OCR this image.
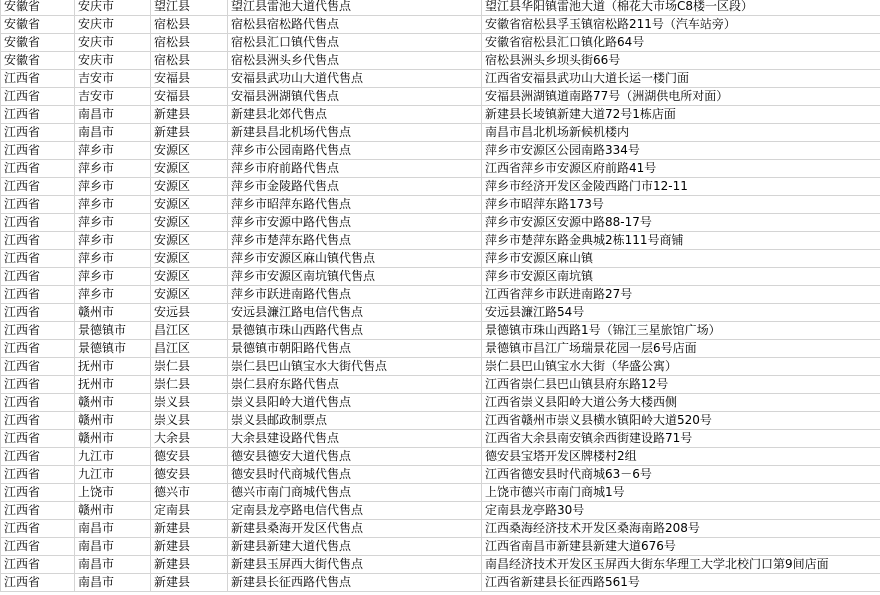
安徽省	安庆市	望江县	望江县雷池大道代售点	望江县华阳镇雷池大道（棉花大市场C8楼一区段）
安徽省	安庆市	宿松县	宿松县宿松路代售点	安徽省宿松县孚玉镇宿松路211号（汽车站旁）
安徽省	安庆市	宿松县	宿松县汇口镇代售点	安徽省宿松县汇口镇化路64号
安徽省	安庆市	宿松县	宿松县洲头乡代售点	宿松县洲头乡坝头街66号
江西省	吉安市	安福县	安福县武功山大道代售点	江西省安福县武功山大道长运一楼门面
江西省	吉安市	安福县	安福县洲湖镇代售点	安福县洲湖镇道南路77号（洲湖供电所对面）
江西省	南昌市	新建县	新建县北郊代售点	新建县长堎镇新建大道72号1栋店面
江西省	南昌市	新建县	新建县昌北机场代售点	南昌市昌北机场新候机楼内
江西省	萍乡市	安源区	萍乡市公园南路代售点	萍乡市安源区公园南路334号
江西省	萍乡市	安源区	萍乡市府前路代售点	江西省萍乡市安源区府前路41号
江西省	萍乡市	安源区	萍乡市金陵路代售点	萍乡市经济开发区金陵西路门市12-11
江西省	萍乡市	安源区	萍乡市昭萍东路代售点	萍乡市昭萍东路173号
江西省	萍乡市	安源区	萍乡市安源中路代售点	萍乡市安源区安源中路88-17号
江西省	萍乡市	安源区	萍乡市楚萍东路代售点	萍乡市楚萍东路金典城2栋111号商铺
江西省	萍乡市	安源区	萍乡市安源区麻山镇代售点	萍乡市安源区麻山镇
江西省	萍乡市	安源区	萍乡市安源区南坑镇代售点	萍乡市安源区南坑镇
江西省	萍乡市	安源区	萍乡市跃进南路代售点	江西省萍乡市跃进南路27号
江西省	赣州市	安远县	安远县濂江路电信代售点	安远县濂江路54号
江西省	景德镇市	昌江区	景德镇市珠山西路代售点	景德镇市珠山西路1号（锦江三星旅馆广场）
江西省	景德镇市	昌江区	景德镇市朝阳路代售点	景德镇市昌江广场瑞景花园一层6号店面
江西省	抚州市	崇仁县	崇仁县巴山镇宝水大街代售点	崇仁县巴山镇宝水大街（华盛公寓）
江西省	抚州市	崇仁县	崇仁县府东路代售点	江西省崇仁县巴山镇县府东路12号
江西省	赣州市	崇义县	崇义县阳岭大道代售点	江西省崇义县阳岭大道公务大楼西侧
江西省	赣州市	崇义县	崇义县邮政制票点	江西省赣州市崇义县横水镇阳岭大道520号
江西省	赣州市	大余县	大余县建设路代售点	江西省大余县南安镇余西街建设路71号
江西省	九江市	德安县	德安县德安大道代售点	德安县宝塔开发区牌楼村2组
江西省	九江市	德安县	德安县时代商城代售点	江西省德安县时代商城63－6号
江西省	上饶市	德兴市	德兴市南门商城代售点	上饶市德兴市南门商城1号
江西省	赣州市	定南县	定南县龙亭路电信代售点	定南县龙亭路30号
江西省	南昌市	新建县	新建县桑海开发区代售点	江西桑海经济技术开发区桑海南路208号
江西省	南昌市	新建县	新建县新建大道代售点	江西省南昌市新建县新建大道676号
江西省	南昌市	新建县	新建县玉屏西大街代售点	南昌经济技术开发区玉屏西大街东华理工大学北校门口第9间店面
江西省	南昌市	新建县	新建县长征西路代售点	江西省新建县长征西路561号
